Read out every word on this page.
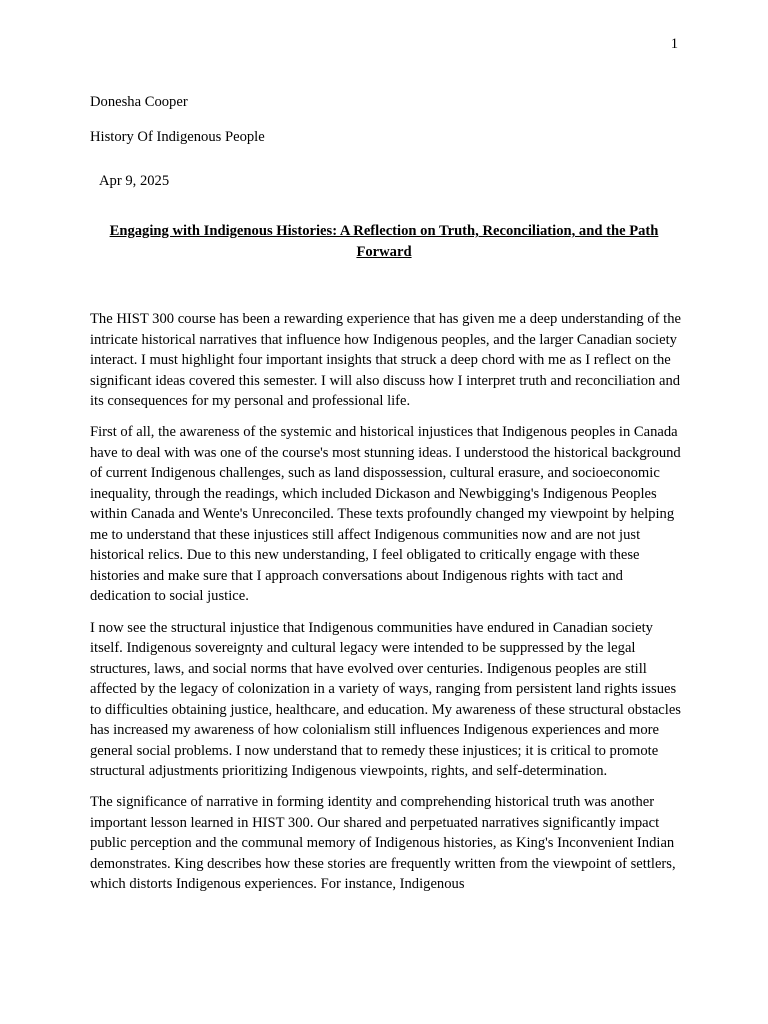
1
Donesha Cooper
History Of Indigenous People
Apr 9, 2025
Engaging with Indigenous Histories: A Reflection on Truth, Reconciliation, and the Path Forward

The HIST 300 course has been a rewarding experience that has given me a deep understanding of the intricate historical narratives that influence how Indigenous peoples, and the larger Canadian society interact. I must highlight four important insights that struck a deep chord with me as I reflect on the significant ideas covered this semester. I will also discuss how I interpret truth and reconciliation and its consequences for my personal and professional life.

First of all, the awareness of the systemic and historical injustices that Indigenous peoples in Canada have to deal with was one of the course's most stunning ideas. I understood the historical background of current Indigenous challenges, such as land dispossession, cultural erasure, and socioeconomic inequality, through the readings, which included Dickason and Newbigging's Indigenous Peoples within Canada and Wente's Unreconciled. These texts profoundly changed my viewpoint by helping me to understand that these injustices still affect Indigenous communities now and are not just historical relics. Due to this new understanding, I feel obligated to critically engage with these histories and make sure that I approach conversations about Indigenous rights with tact and dedication to social justice.

I now see the structural injustice that Indigenous communities have endured in Canadian society itself. Indigenous sovereignty and cultural legacy were intended to be suppressed by the legal structures, laws, and social norms that have evolved over centuries. Indigenous peoples are still affected by the legacy of colonization in a variety of ways, ranging from persistent land rights issues to difficulties obtaining justice, healthcare, and education. My awareness of these structural obstacles has increased my awareness of how colonialism still influences Indigenous experiences and more general social problems. I now understand that to remedy these injustices; it is critical to promote structural adjustments prioritizing Indigenous viewpoints, rights, and self-determination.

The significance of narrative in forming identity and comprehending historical truth was another important lesson learned in HIST 300. Our shared and perpetuated narratives significantly impact public perception and the communal memory of Indigenous histories, as King's Inconvenient Indian demonstrates. King describes how these stories are frequently written from the viewpoint of settlers, which distorts Indigenous experiences. For instance, Indigenous
